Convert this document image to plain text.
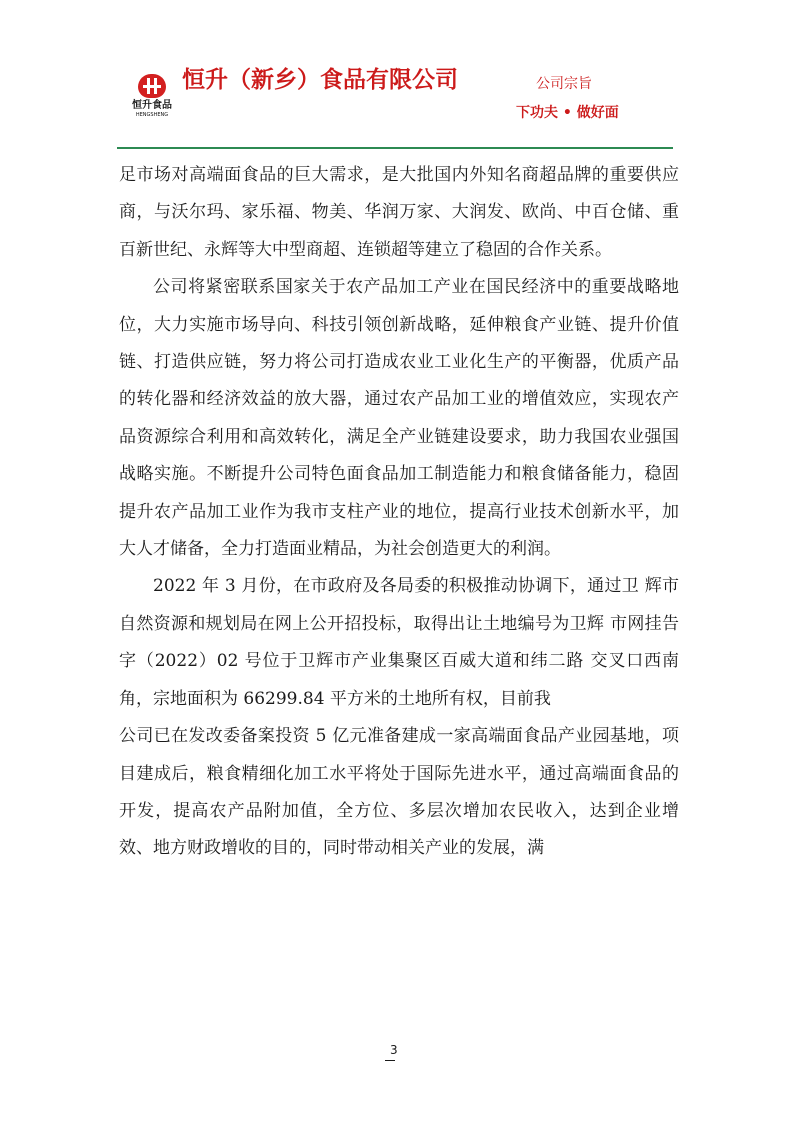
恒升食品
HENGSHENG
恒升（新乡）食品有限公司	公司宗旨
下功夫 • 做好面

足市场对高端面食品的巨大需求，是大批国内外知名商超品牌的重要供应商，与沃尔玛、家乐福、物美、华润万家、大润发、欧尚、中百仓储、重百新世纪、永辉等大中型商超、连锁超等建立了稳固的合作关系。

公司将紧密联系国家关于农产品加工产业在国民经济中的重要战略地位，大力实施市场导向、科技引领创新战略，延伸粮食产业链、提升价值链、打造供应链，努力将公司打造成农业工业化生产的平衡器，优质产品的转化器和经济效益的放大器，通过农产品加工业的增值效应，实现农产品资源综合利用和高效转化，满足全产业链建设要求，助力我国农业强国战略实施。不断提升公司特色面食品加工制造能力和粮食储备能力，稳固提升农产品加工业作为我市支柱产业的地位，提高行业技术创新水平，加大人才储备，全力打造面业精品，为社会创造更大的利润。

2022 年 3 月份，在市政府及各局委的积极推动协调下，通过卫 辉市自然资源和规划局在网上公开招投标，取得出让土地编号为卫辉 市网挂告字（2022）02 号位于卫辉市产业集聚区百威大道和纬二路 交叉口西南角，宗地面积为 66299.84 平方米的土地所有权，目前我

公司已在发改委备案投资 5 亿元准备建成一家高端面食品产业园基地，项目建成后，粮食精细化加工水平将处于国际先进水平，通过高端面食品的开发，提高农产品附加值，全方位、多层次增加农民收入，达到企业增效、地方财政增收的目的，同时带动相关产业的发展，满

3
